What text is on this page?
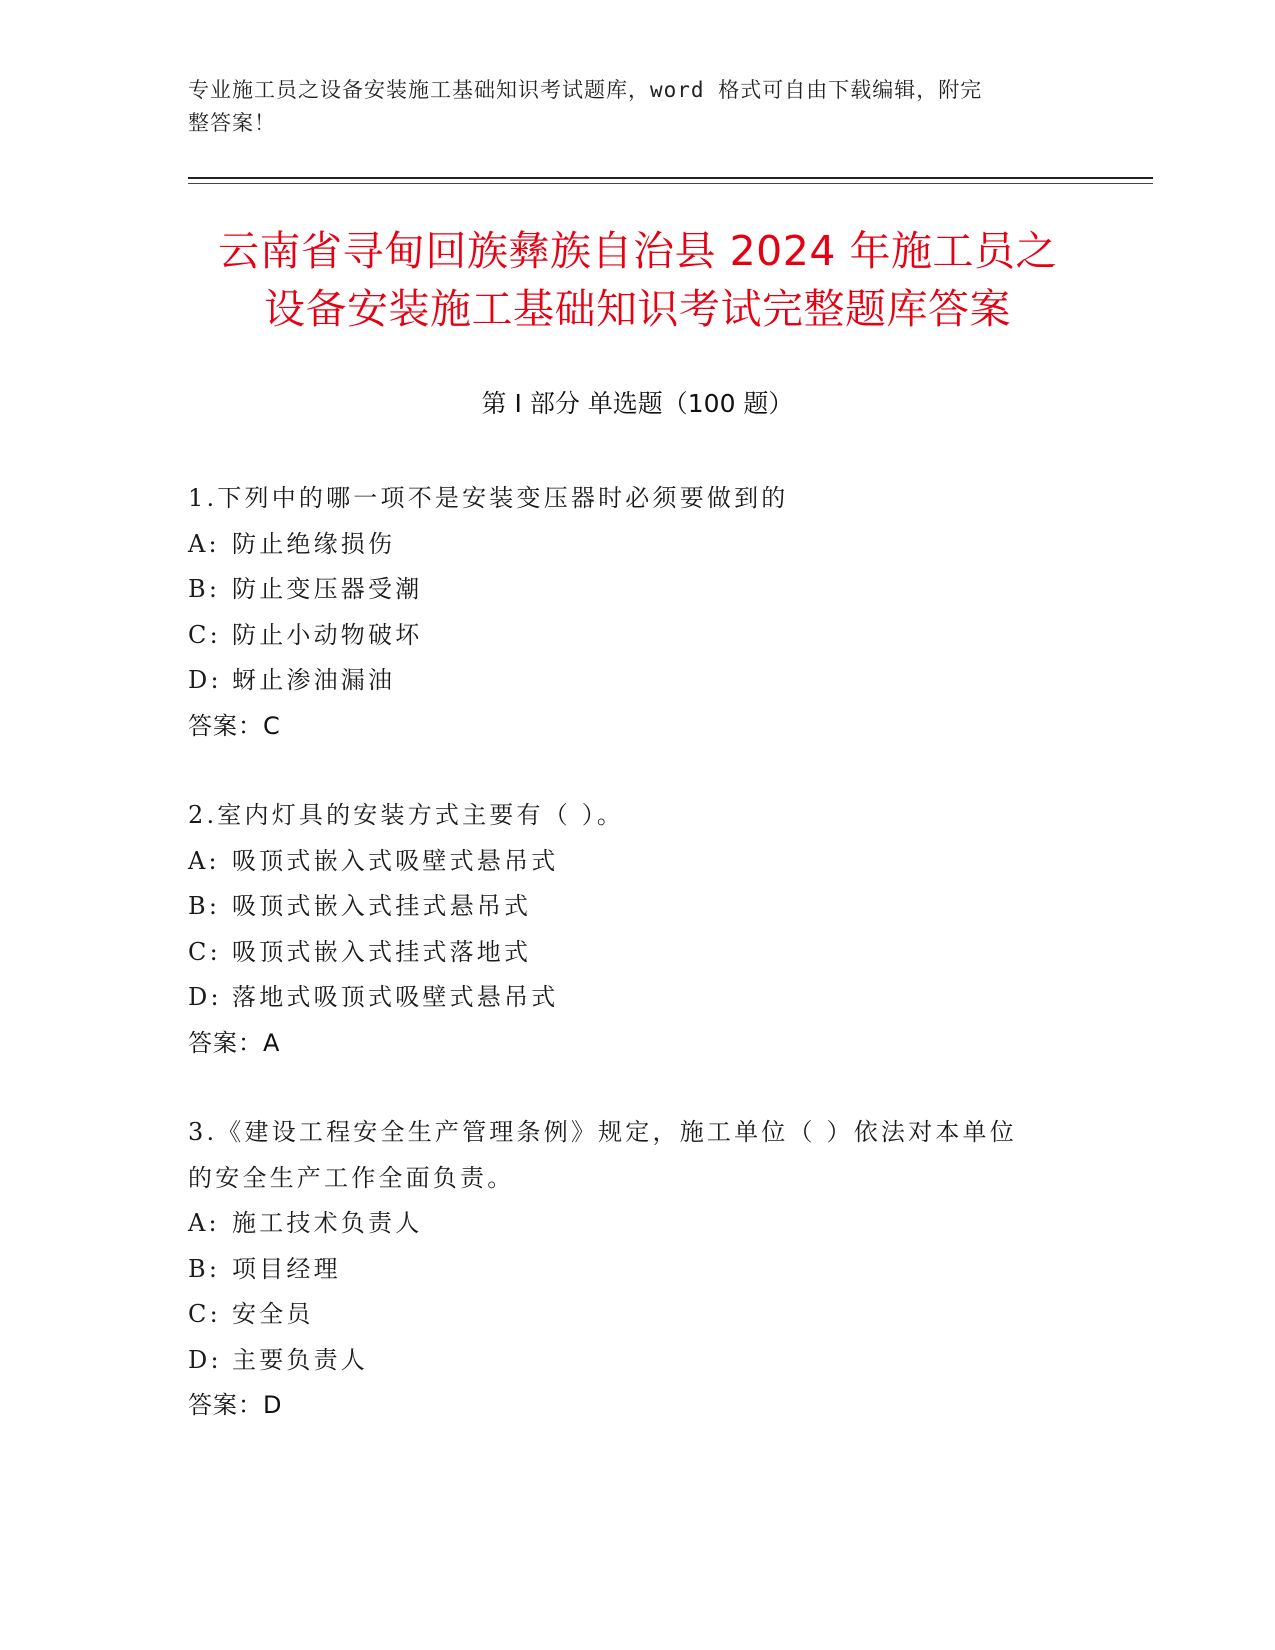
专业施工员之设备安装施工基础知识考试题库，word 格式可自由下载编辑，附完
整答案！
云南省寻甸回族彝族自治县 2024 年施工员之
设备安装施工基础知识考试完整题库答案
第 I 部分 单选题（100 题）

1.下列中的哪一项不是安装变压器时必须要做到的

A: 防止绝缘损伤

B: 防止变压器受潮

C: 防止小动物破坏

D: 蚜止渗油漏油

答案：C

2.室内灯具的安装方式主要有（ ）。

A: 吸顶式嵌入式吸壁式悬吊式

B: 吸顶式嵌入式挂式悬吊式

C: 吸顶式嵌入式挂式落地式

D: 落地式吸顶式吸壁式悬吊式

答案：A

3.《建设工程安全生产管理条例》规定，施工单位（ ）依法对本单位

的安全生产工作全面负责。

A: 施工技术负责人

B: 项目经理

C: 安全员

D: 主要负责人

答案：D
